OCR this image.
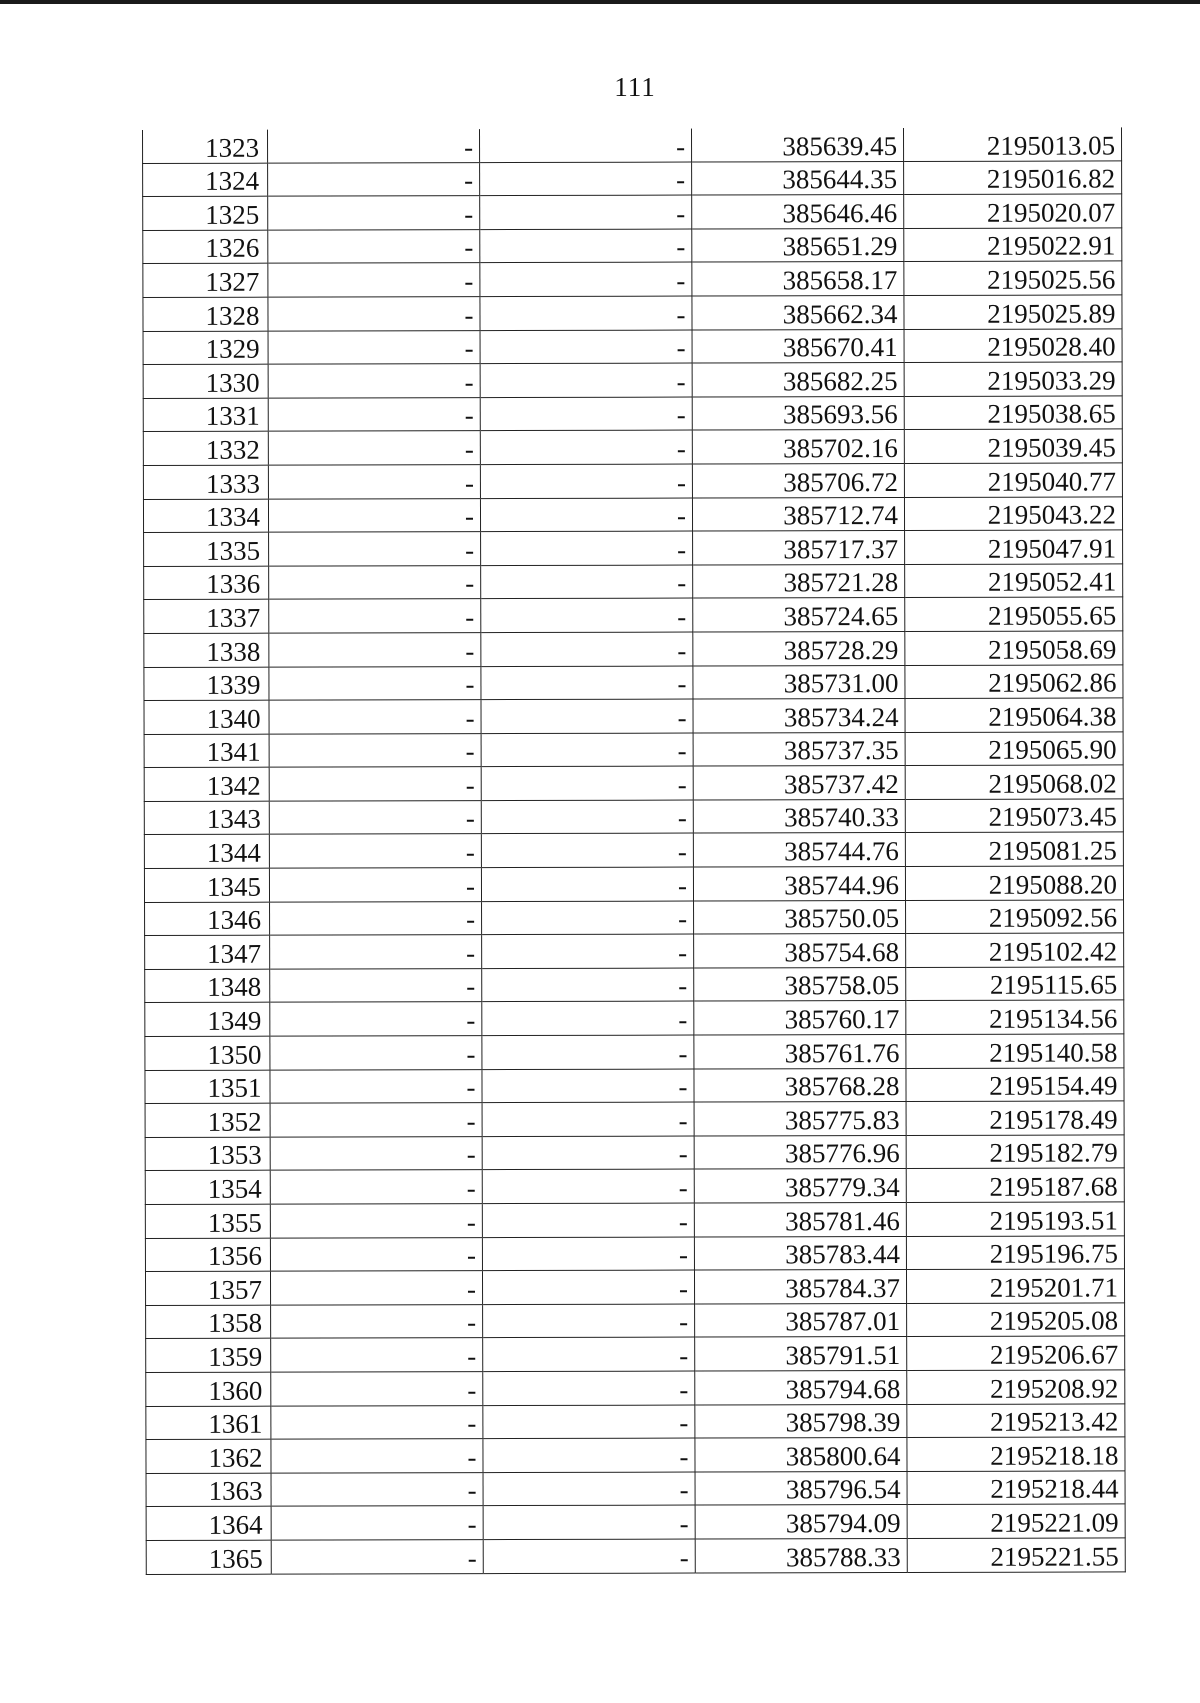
111
1323	-	-	385639.45	2195013.05
1324	-	-	385644.35	2195016.82
1325	-	-	385646.46	2195020.07
1326	-	-	385651.29	2195022.91
1327	-	-	385658.17	2195025.56
1328	-	-	385662.34	2195025.89
1329	-	-	385670.41	2195028.40
1330	-	-	385682.25	2195033.29
1331	-	-	385693.56	2195038.65
1332	-	-	385702.16	2195039.45
1333	-	-	385706.72	2195040.77
1334	-	-	385712.74	2195043.22
1335	-	-	385717.37	2195047.91
1336	-	-	385721.28	2195052.41
1337	-	-	385724.65	2195055.65
1338	-	-	385728.29	2195058.69
1339	-	-	385731.00	2195062.86
1340	-	-	385734.24	2195064.38
1341	-	-	385737.35	2195065.90
1342	-	-	385737.42	2195068.02
1343	-	-	385740.33	2195073.45
1344	-	-	385744.76	2195081.25
1345	-	-	385744.96	2195088.20
1346	-	-	385750.05	2195092.56
1347	-	-	385754.68	2195102.42
1348	-	-	385758.05	2195115.65
1349	-	-	385760.17	2195134.56
1350	-	-	385761.76	2195140.58
1351	-	-	385768.28	2195154.49
1352	-	-	385775.83	2195178.49
1353	-	-	385776.96	2195182.79
1354	-	-	385779.34	2195187.68
1355	-	-	385781.46	2195193.51
1356	-	-	385783.44	2195196.75
1357	-	-	385784.37	2195201.71
1358	-	-	385787.01	2195205.08
1359	-	-	385791.51	2195206.67
1360	-	-	385794.68	2195208.92
1361	-	-	385798.39	2195213.42
1362	-	-	385800.64	2195218.18
1363	-	-	385796.54	2195218.44
1364	-	-	385794.09	2195221.09
1365	-	-	385788.33	2195221.55
